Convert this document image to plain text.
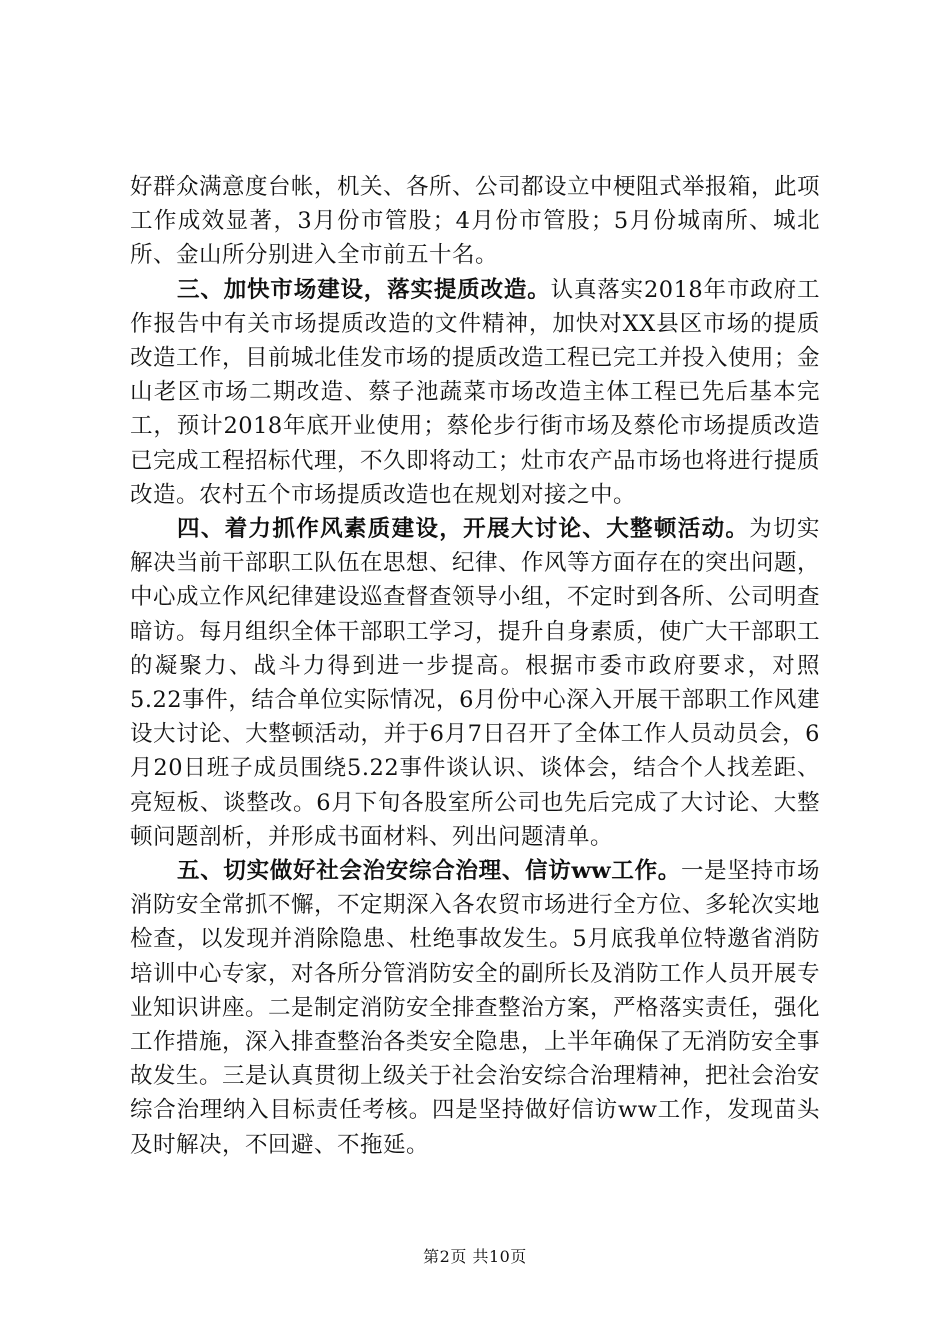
好群众满意度台帐，机关、各所、公司都设立中梗阻式举报箱，此项工作成效显著，3月份市管股；4月份市管股；5月份城南所、城北所、金山所分别进入全市前五十名。

三、加快市场建设，落实提质改造。认真落实2018年市政府工作报告中有关市场提质改造的文件精神，加快对XX县区市场的提质改造工作，目前城北佳发市场的提质改造工程已完工并投入使用；金山老区市场二期改造、蔡子池蔬菜市场改造主体工程已先后基本完工，预计2018年底开业使用；蔡伦步行街市场及蔡伦市场提质改造已完成工程招标代理，不久即将动工；灶市农产品市场也将进行提质改造。农村五个市场提质改造也在规划对接之中。

四、着力抓作风素质建设，开展大讨论、大整顿活动。为切实解决当前干部职工队伍在思想、纪律、作风等方面存在的突出问题，中心成立作风纪律建设巡查督查领导小组，不定时到各所、公司明查暗访。每月组织全体干部职工学习，提升自身素质，使广大干部职工的凝聚力、战斗力得到进一步提高。根据市委市政府要求，对照5.22事件，结合单位实际情况，6月份中心深入开展干部职工作风建设大讨论、大整顿活动，并于6月7日召开了全体工作人员动员会，6月20日班子成员围绕5.22事件谈认识、谈体会，结合个人找差距、亮短板、谈整改。6月下旬各股室所公司也先后完成了大讨论、大整顿问题剖析，并形成书面材料、列出问题清单。

五、切实做好社会治安综合治理、信访ww工作。一是坚持市场消防安全常抓不懈，不定期深入各农贸市场进行全方位、多轮次实地检查，以发现并消除隐患、杜绝事故发生。5月底我单位特邀省消防培训中心专家，对各所分管消防安全的副所长及消防工作人员开展专业知识讲座。二是制定消防安全排查整治方案，严格落实责任，强化工作措施，深入排查整治各类安全隐患，上半年确保了无消防安全事故发生。三是认真贯彻上级关于社会治安综合治理精神，把社会治安综合治理纳入目标责任考核。四是坚持做好信访ww工作，发现苗头及时解决，不回避、不拖延。

第2页 共10页
